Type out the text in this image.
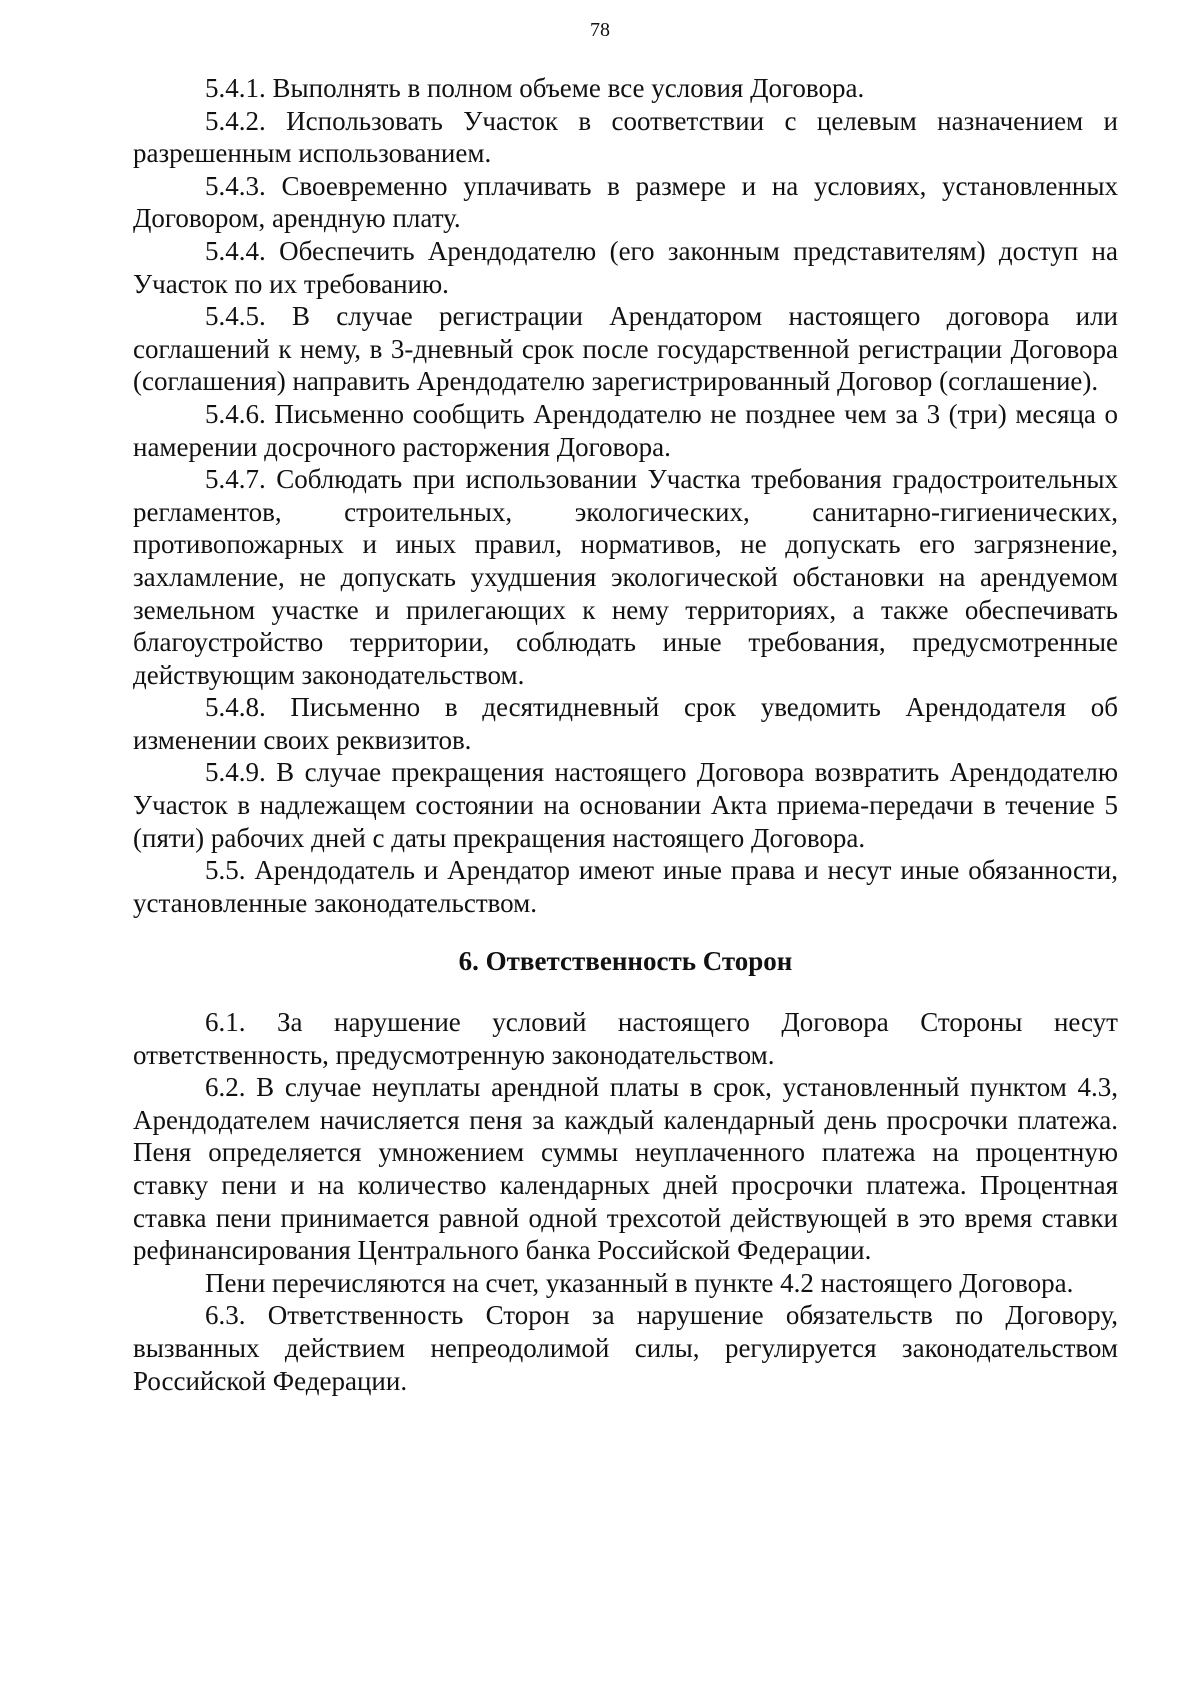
78

5.4.1. Выполнять в полном объеме все условия Договора.

5.4.2. Использовать Участок в соответствии с целевым назначением и разрешенным использованием.

5.4.3. Своевременно уплачивать в размере и на условиях, установленных Договором, арендную плату.

5.4.4. Обеспечить Арендодателю (его законным представителям) доступ на Участок по их требованию.

5.4.5. В случае регистрации Арендатором настоящего договора или соглашений к нему, в 3-дневный срок после государственной регистрации Договора (соглашения) направить Арендодателю зарегистрированный Договор (соглашение).

5.4.6. Письменно сообщить Арендодателю не позднее чем за 3 (три) месяца о намерении досрочного расторжения Договора.

5.4.7. Соблюдать при использовании Участка требования градостроительных регламентов, строительных, экологических, санитарно-гигиенических, противопожарных и иных правил, нормативов, не допускать его загрязнение, захламление, не допускать ухудшения экологической обстановки на арендуемом земельном участке и прилегающих к нему территориях, а также обеспечивать благоустройство территории, соблюдать иные требования, предусмотренные действующим законодательством.

5.4.8. Письменно в десятидневный срок уведомить Арендодателя об изменении своих реквизитов.

5.4.9. В случае прекращения настоящего Договора возвратить Арендодателю Участок в надлежащем состоянии на основании Акта приема-передачи в течение 5 (пяти) рабочих дней с даты прекращения настоящего Договора.

5.5. Арендодатель и Арендатор имеют иные права и несут иные обязанности, установленные законодательством.

6. Ответственность Сторон

6.1. За нарушение условий настоящего Договора Стороны несут ответственность, предусмотренную законодательством.

6.2. В случае неуплаты арендной платы в срок, установленный пунктом 4.3, Арендодателем начисляется пеня за каждый календарный день просрочки платежа. Пеня определяется умножением суммы неуплаченного платежа на процентную ставку пени и на количество календарных дней просрочки платежа. Процентная ставка пени принимается равной одной трехсотой действующей в это время ставки рефинансирования Центрального банка Российской Федерации.

Пени перечисляются на счет, указанный в пункте 4.2 настоящего Договора.

6.3. Ответственность Сторон за нарушение обязательств по Договору, вызванных действием непреодолимой силы, регулируется законодательством Российской Федерации.
